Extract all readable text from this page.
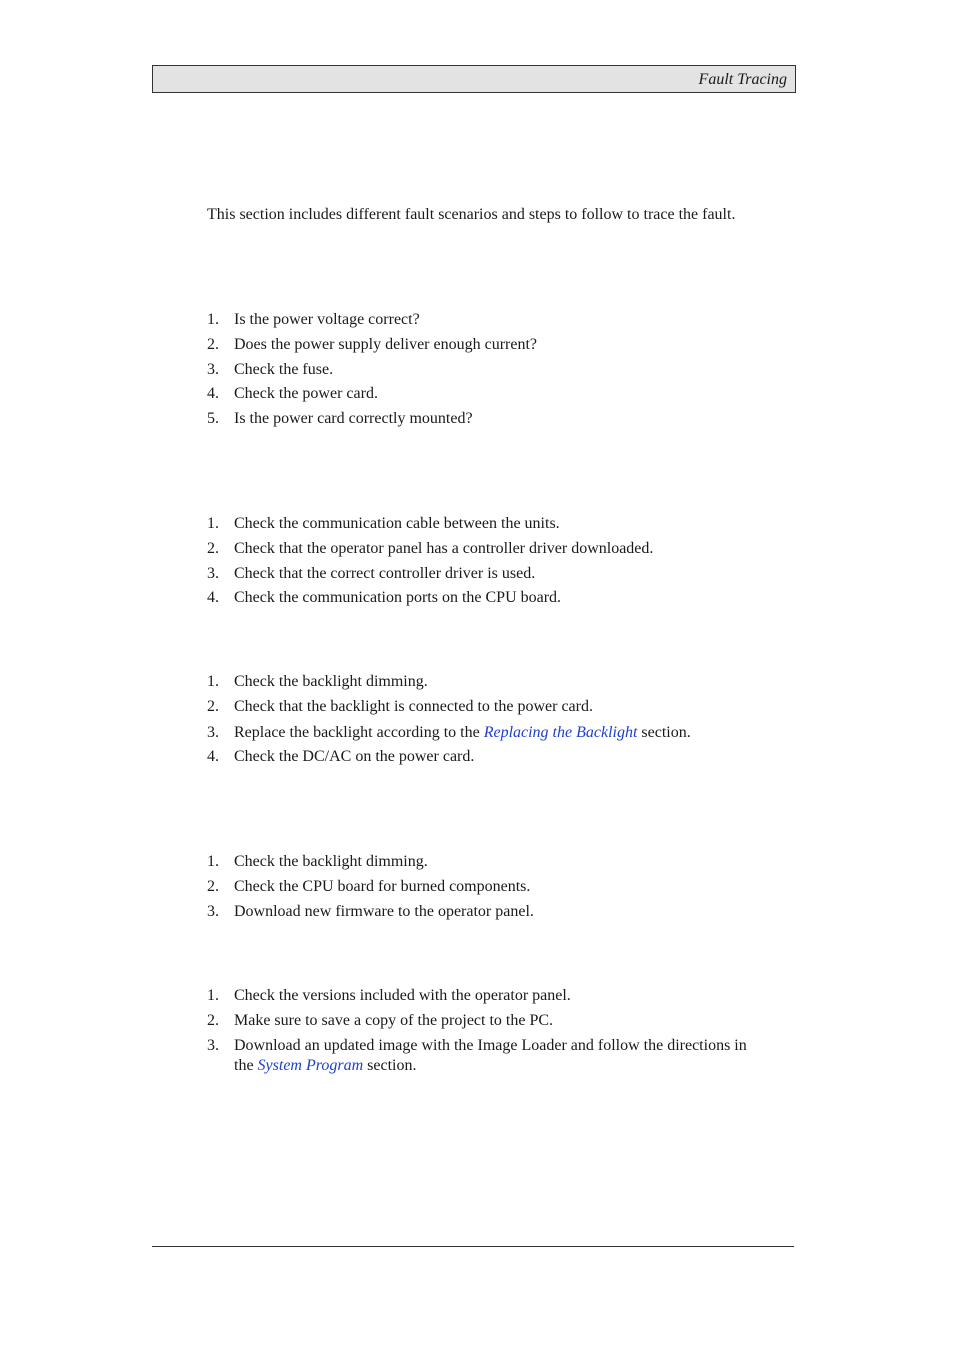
Fault Tracing
This section includes different fault scenarios and steps to follow to trace the fault.
1. Is the power voltage correct?
2. Does the power supply deliver enough current?
3. Check the fuse.
4. Check the power card.
5. Is the power card correctly mounted?
1. Check the communication cable between the units.
2. Check that the operator panel has a controller driver downloaded.
3. Check that the correct controller driver is used.
4. Check the communication ports on the CPU board.
1. Check the backlight dimming.
2. Check that the backlight is connected to the power card.
3. Replace the backlight according to the Replacing the Backlight section.
4. Check the DC/AC on the power card.
1. Check the backlight dimming.
2. Check the CPU board for burned components.
3. Download new firmware to the operator panel.
1. Check the versions included with the operator panel.
2. Make sure to save a copy of the project to the PC.
3. Download an updated image with the Image Loader and follow the directions in the System Program section.
